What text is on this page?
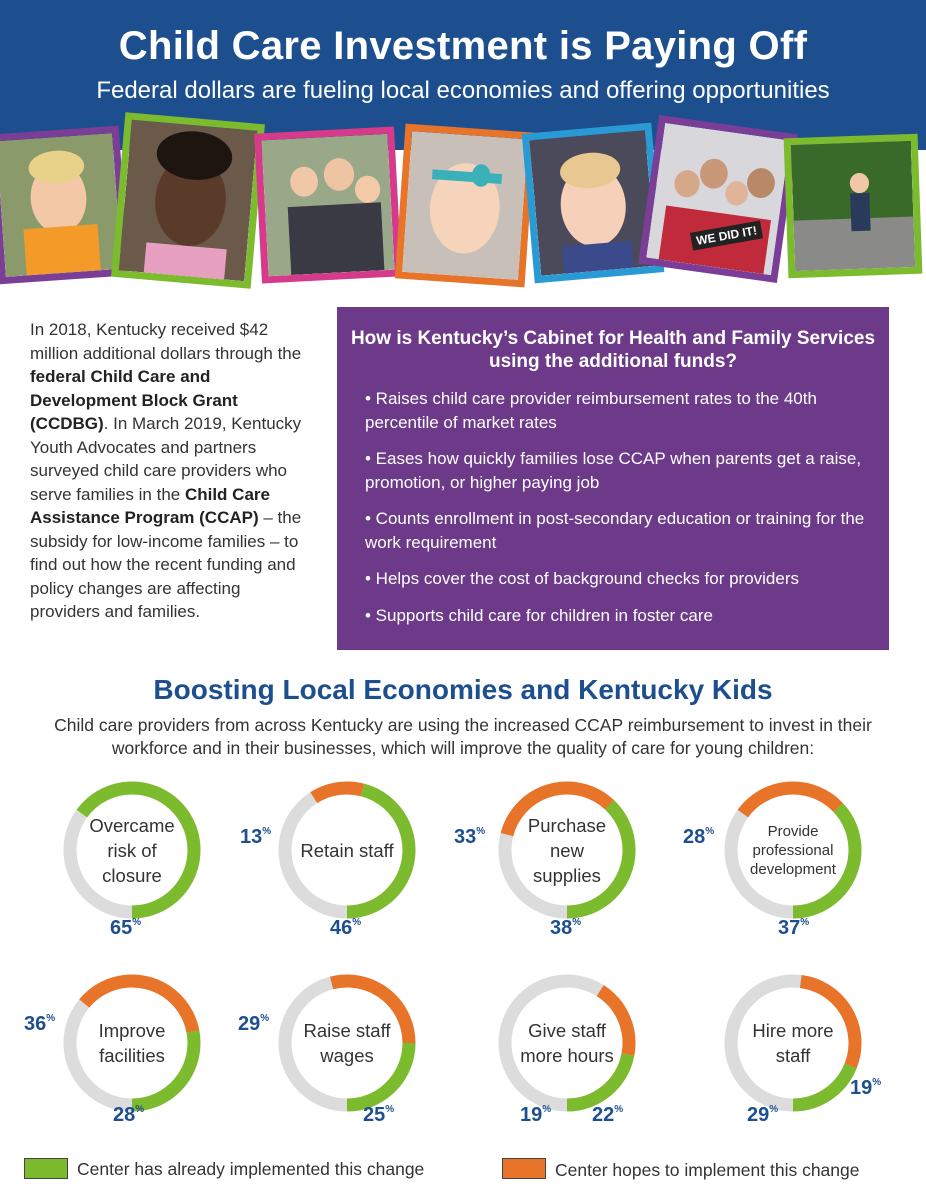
Child Care Investment is Paying Off
Federal dollars are fueling local economies and offering opportunities
WE DID IT!
In 2018, Kentucky received $42 million additional dollars through the federal Child Care and Development Block Grant (CCDBG). In March 2019, Kentucky Youth Advocates and partners surveyed child care providers who serve families in the Child Care Assistance Program (CCAP) – the subsidy for low-income families – to find out how the recent funding and policy changes are affecting providers and families.
How is Kentucky’s Cabinet for Health and Family Services using the additional funds?
• Raises child care provider reimbursement rates to the 40th percentile of market rates
• Eases how quickly families lose CCAP when parents get a raise, promotion, or higher paying job
• Counts enrollment in post-secondary education or training for the work requirement
• Helps cover the cost of background checks for providers
• Supports child care for children in foster care
Boosting Local Economies and Kentucky Kids
Child care providers from across Kentucky are using the increased CCAP reimbursement to invest in their workforce and in their businesses, which will improve the quality of care for young children:
Overcame risk of closure
65%
Retain staff
46%
13%	Purchase new supplies
38%
33%	Provide professional development
37%
28%
Improve facilities
28%
36%
Raise staff wages
25%
29%
Give staff more hours
22%
19%
Hire more staff
19%
29%
Center has already implemented this change	Center hopes to implement this change
